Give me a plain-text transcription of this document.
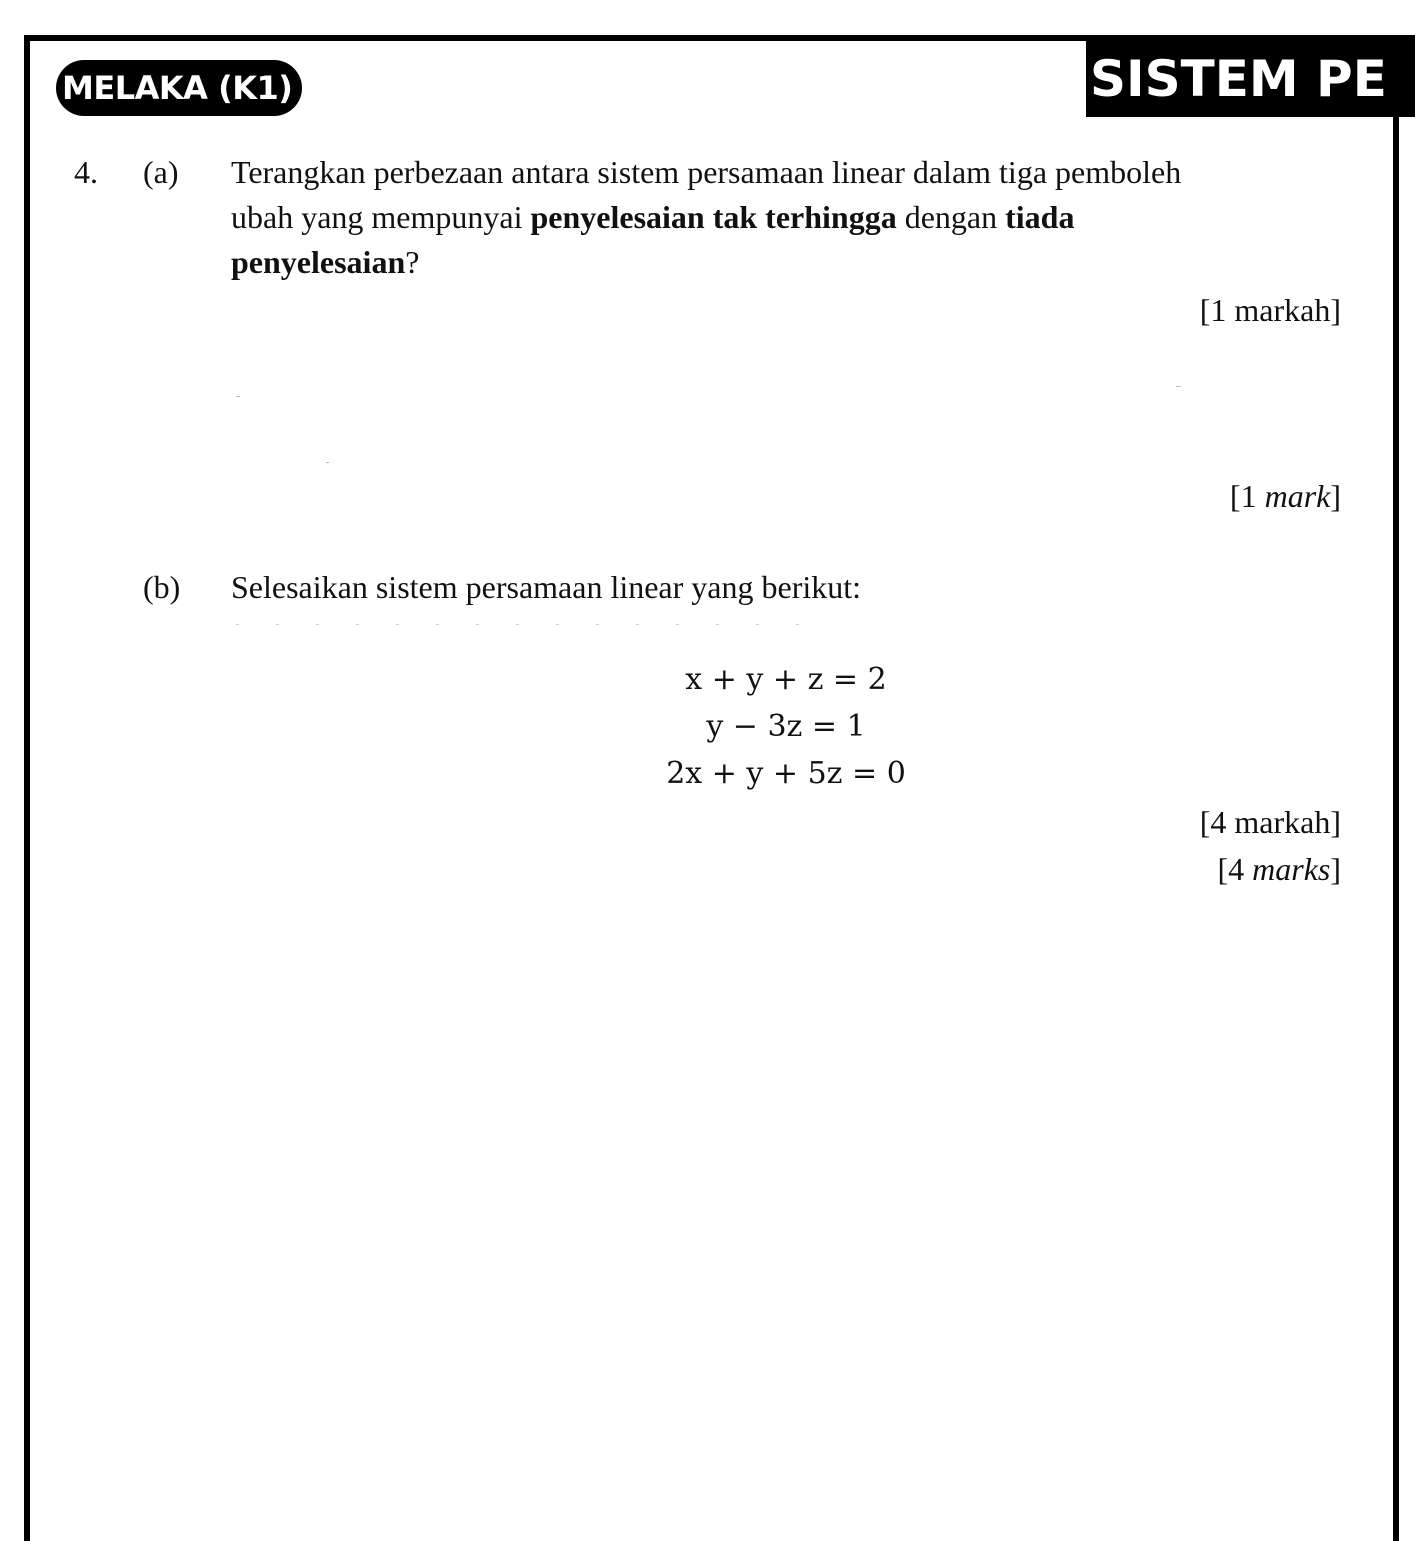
MELAKA (K1)	SISTEM PE
4. (a) Terangkan perbezaan antara sistem persamaan linear dalam tiga pemboleh
ubah yang mempunyai penyelesaian tak terhingga dengan tiada
penyelesaian?
[1 markah]
[1 mark]
(b) Selesaikan sistem persamaan linear yang berikut:
x + y + z = 2
y − 3z = 1
2x + y + 5z = 0
[4 markah]
[4 marks]
